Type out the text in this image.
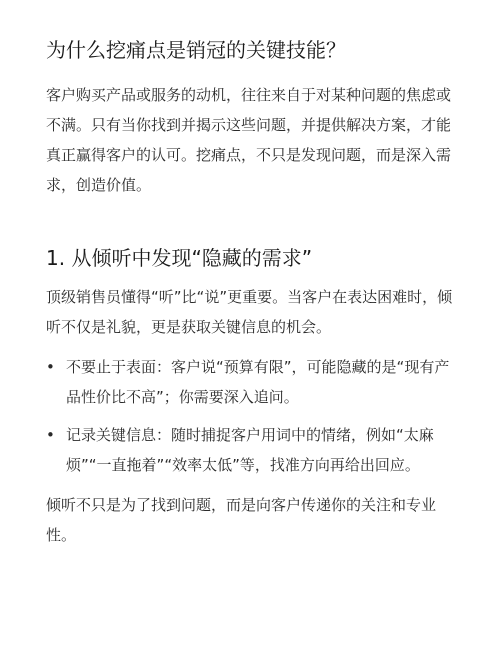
为什么挖痛点是销冠的关键技能？

客户购买产品或服务的动机，往往来自于对某种问题的焦虑或不满。只有当你找到并揭示这些问题，并提供解决方案，才能真正赢得客户的认可。挖痛点，不只是发现问题，而是深入需求，创造价值。

1. 从倾听中发现“隐藏的需求”

顶级销售员懂得“听”比“说”更重要。当客户在表达困难时，倾听不仅是礼貌，更是获取关键信息的机会。

• 不要止于表面：客户说“预算有限”，可能隐藏的是“现有产品性价比不高”；你需要深入追问。
• 记录关键信息：随时捕捉客户用词中的情绪，例如“太麻烦”“一直拖着”“效率太低”等，找准方向再给出回应。

倾听不只是为了找到问题，而是向客户传递你的关注和专业性。
